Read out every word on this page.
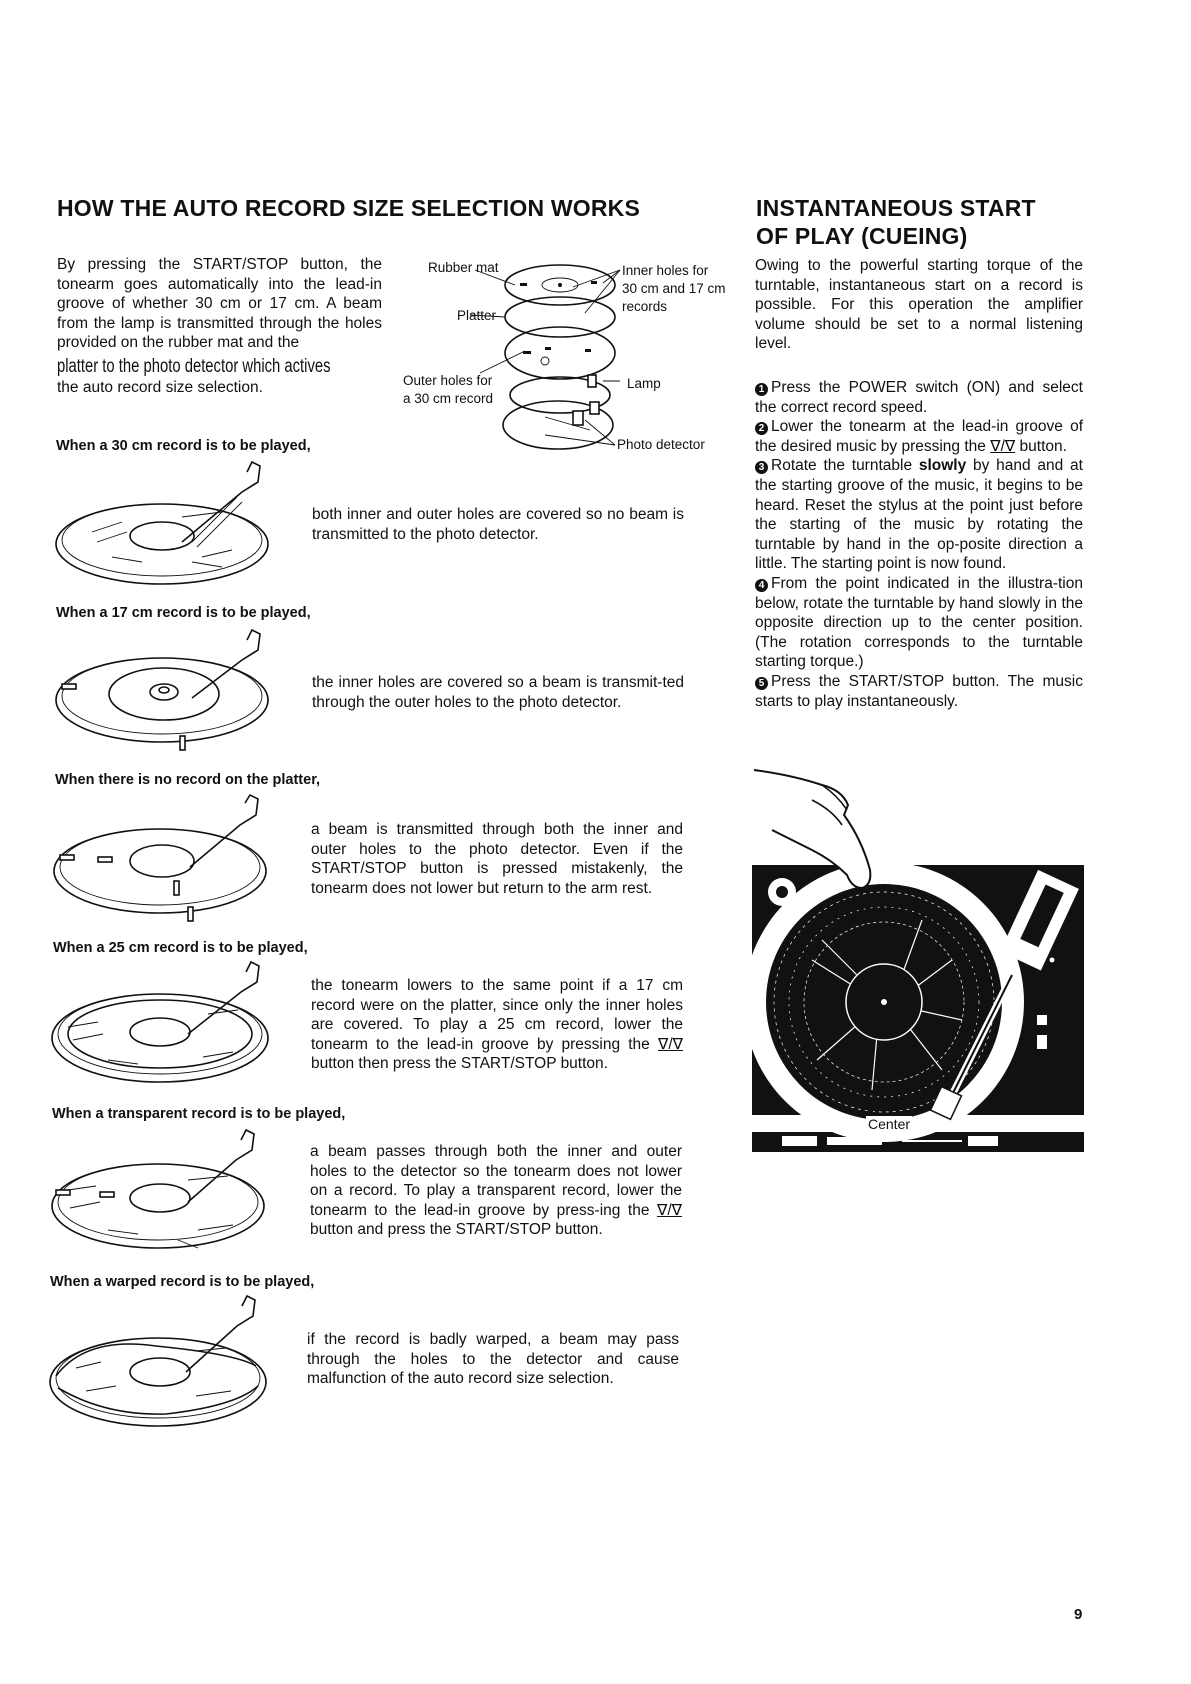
HOW THE AUTO RECORD SIZE SELECTION WORKS
By pressing the START/STOP button, the tonearm goes automatically into the lead-in groove of whether 30 cm or 17 cm. A beam from the lamp is transmitted through the holes provided on the rubber mat and the
platter to the photo detector which actives
the auto record size selection.
Rubber mat
Platter
Inner holes for
30 cm and 17 cm
records
Outer holes for
a 30 cm record
Lamp
Photo detector
When a 30 cm record is to be played,
both inner and outer holes are covered so no beam is transmitted to the photo detector.
When a 17 cm record is to be played,
the inner holes are covered so a beam is transmit-ted through the outer holes to the photo detector.
When there is no record on the platter,
a beam is transmitted through both the inner and outer holes to the photo detector. Even if the START/STOP button is pressed mistakenly, the tonearm does not lower but return to the arm rest.
When a 25 cm record is to be played,
the tonearm lowers to the same point if a 17 cm record were on the platter, since only the inner holes are covered. To play a 25 cm record, lower the tonearm to the lead-in groove by pressing the ∇/∇ button then press the START/STOP button.
When a transparent record is to be played,
a beam passes through both the inner and outer holes to the detector so the tonearm does not lower on a record. To play a transparent record, lower the tonearm to the lead-in groove by press-ing the ∇/∇ button and press the START/STOP button.
When a warped record is to be played,
if the record is badly warped, a beam may pass through the holes to the detector and cause malfunction of the auto record size selection.
INSTANTANEOUS START
OF PLAY (CUEING)
Owing to the powerful starting torque of the turntable, instantaneous start on a record is possible. For this operation the amplifier volume should be set to a normal listening level.
1 Press the POWER switch (ON) and select the correct record speed.
2 Lower the tonearm at the lead-in groove of the desired music by pressing the ∇/∇ button.
3 Rotate the turntable slowly by hand and at the starting groove of the music, it begins to be heard. Reset the stylus at the point just before the starting of the music by rotating the turntable by hand in the op-posite direction a little. The starting point is now found.
4 From the point indicated in the illustra-tion below, rotate the turntable by hand slowly in the opposite direction up to the center position. (The rotation corresponds to the turntable starting torque.)
5 Press the START/STOP button. The music starts to play instantaneously.
Center
9
